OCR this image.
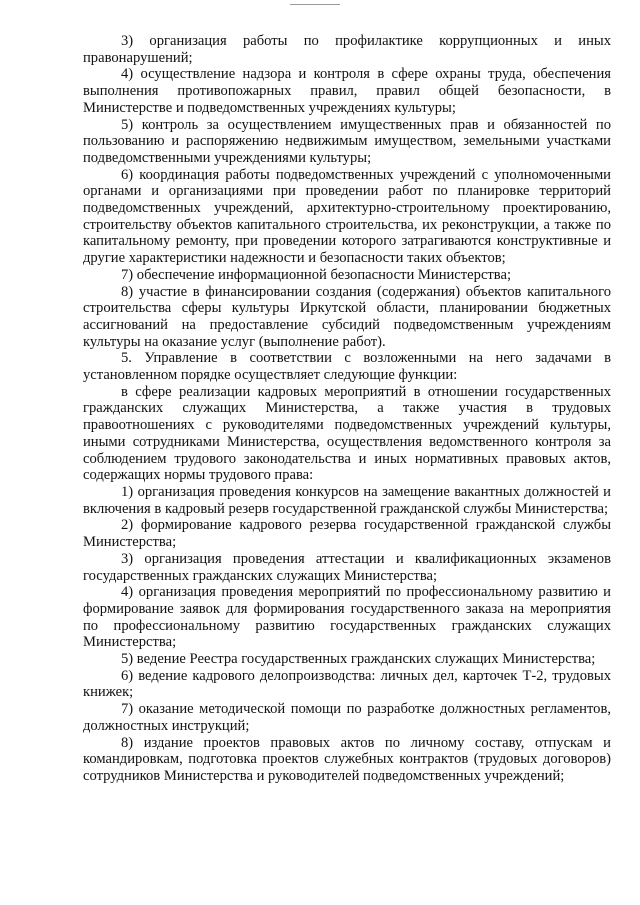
3) организация работы по профилактике коррупционных и иных правонарушений;

4) осуществление надзора и контроля в сфере охраны труда, обеспечения выполнения противопожарных правил, правил общей безопасности, в Министерстве и подведомственных учреждениях культуры;

5) контроль за осуществлением имущественных прав и обязанностей по пользованию и распоряжению недвижимым имуществом, земельными участками подведомственными учреждениями культуры;

6) координация работы подведомственных учреждений с уполномоченными органами и организациями при проведении работ по планировке территорий подведомственных учреждений, архитектурно-строительному проектированию, строительству объектов капитального строительства, их реконструкции, а также по капитальному ремонту, при проведении которого затрагиваются конструктивные и другие характеристики надежности и безопасности таких объектов;

7) обеспечение информационной безопасности Министерства;

8) участие в финансировании создания (содержания) объектов капитального строительства сферы культуры Иркутской области, планировании бюджетных ассигнований на предоставление субсидий подведомственным учреждениям культуры на оказание услуг (выполнение работ).

5. Управление в соответствии с возложенными на него задачами в установленном порядке осуществляет следующие функции:

в сфере реализации кадровых мероприятий в отношении государственных гражданских служащих Министерства, а также участия в трудовых правоотношениях с руководителями подведомственных учреждений культуры, иными сотрудниками Министерства, осуществления ведомственного контроля за соблюдением трудового законодательства и иных нормативных правовых актов, содержащих нормы трудового права:

1) организация проведения конкурсов на замещение вакантных должностей и включения в кадровый резерв государственной гражданской службы Министерства;

2) формирование кадрового резерва государственной гражданской службы Министерства;

3) организация проведения аттестации и квалификационных экзаменов государственных гражданских служащих Министерства;

4) организация проведения мероприятий по профессиональному развитию и формирование заявок для формирования государственного заказа на мероприятия по профессиональному развитию государственных гражданских служащих Министерства;

5) ведение Реестра государственных гражданских служащих Министерства;

6) ведение кадрового делопроизводства: личных дел, карточек Т-2, трудовых книжек;

7) оказание методической помощи по разработке должностных регламентов, должностных инструкций;

8) издание проектов правовых актов по личному составу, отпускам и командировкам, подготовка проектов служебных контрактов (трудовых договоров) сотрудников Министерства и руководителей подведомственных учреждений;
